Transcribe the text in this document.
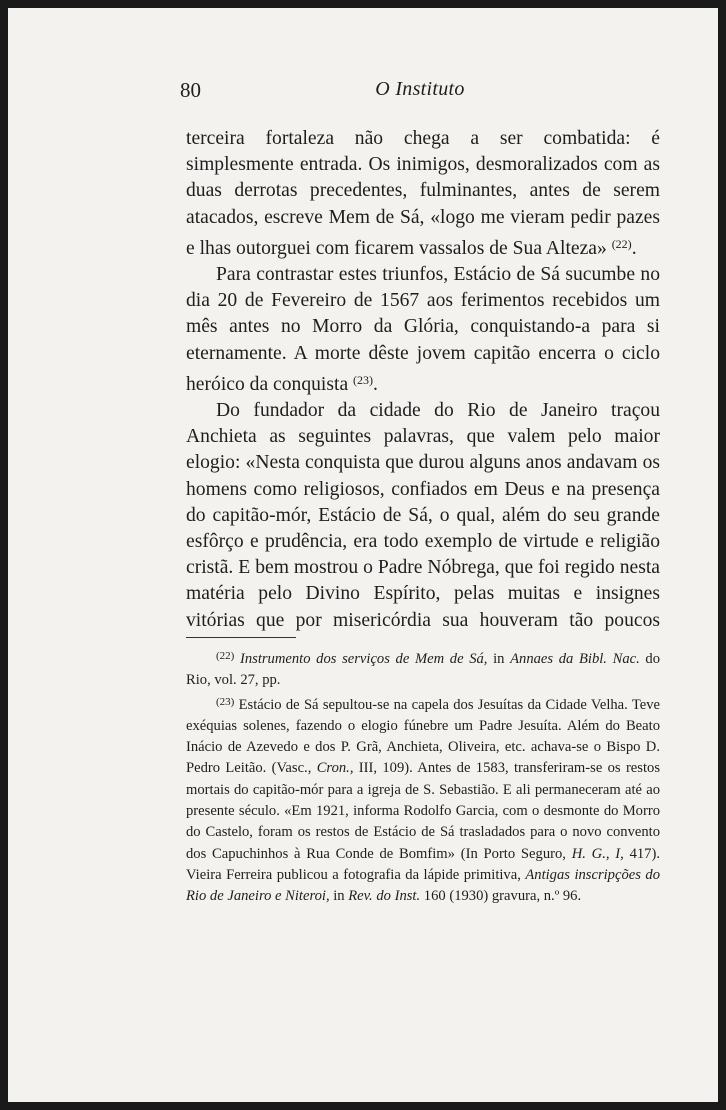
80	O Instituto

terceira fortaleza não chega a ser combatida: é simplesmente entrada. Os inimigos, desmoralizados com as duas derrotas precedentes, fulminantes, antes de serem atacados, escreve Mem de Sá, «logo me vieram pedir pazes e lhas outorguei com ficarem vassalos de Sua Alteza» $^{(22)}$.

Para contrastar estes triunfos, Estácio de Sá sucumbe no dia 20 de Fevereiro de 1567 aos ferimentos recebidos um mês antes no Morro da Glória, conquistando-a para si eternamente. A morte dêste jovem capitão encerra o ciclo heróico da conquista $^{(23)}$.

Do fundador da cidade do Rio de Janeiro traçou Anchieta as seguintes palavras, que valem pelo maior elogio: «Nesta conquista que durou alguns anos andavam os homens como religiosos, confiados em Deus e na presença do capitão-mór, Estácio de Sá, o qual, além do seu grande esfôrço e prudência, era todo exemplo de virtude e religião cristã. E bem mostrou o Padre Nóbrega, que foi regido nesta matéria pelo Divino Espírito, pelas muitas e insignes vitórias que por misericórdia sua houveram tão poucos

$^{(22)}$ Instrumento dos serviços de Mem de Sá, in Annaes da Bibl. Nac. do Rio, vol. 27, pp.

$^{(23)}$ Estácio de Sá sepultou-se na capela dos Jesuítas da Cidade Velha. Teve exéquias solenes, fazendo o elogio fúnebre um Padre Jesuíta. Além do Beato Inácio de Azevedo e dos P. Grã, Anchieta, Oliveira, etc. achava-se o Bispo D. Pedro Leitão. (Vasc., Cron., III, 109). Antes de 1583, transferiram-se os restos mortais do capitão-mór para a igreja de S. Sebastião. E ali permaneceram até ao presente século. «Em 1921, informa Rodolfo Garcia, com o desmonte do Morro do Castelo, foram os restos de Estácio de Sá trasladados para o novo convento dos Capuchinhos à Rua Conde de Bomfim» (In Porto Seguro, H. G., I, 417). Vieira Ferreira publicou a fotografia da lápide primitiva, Antigas inscripções do Rio de Janeiro e Niteroi, in Rev. do Inst. 160 (1930) gravura, n.º 96.
